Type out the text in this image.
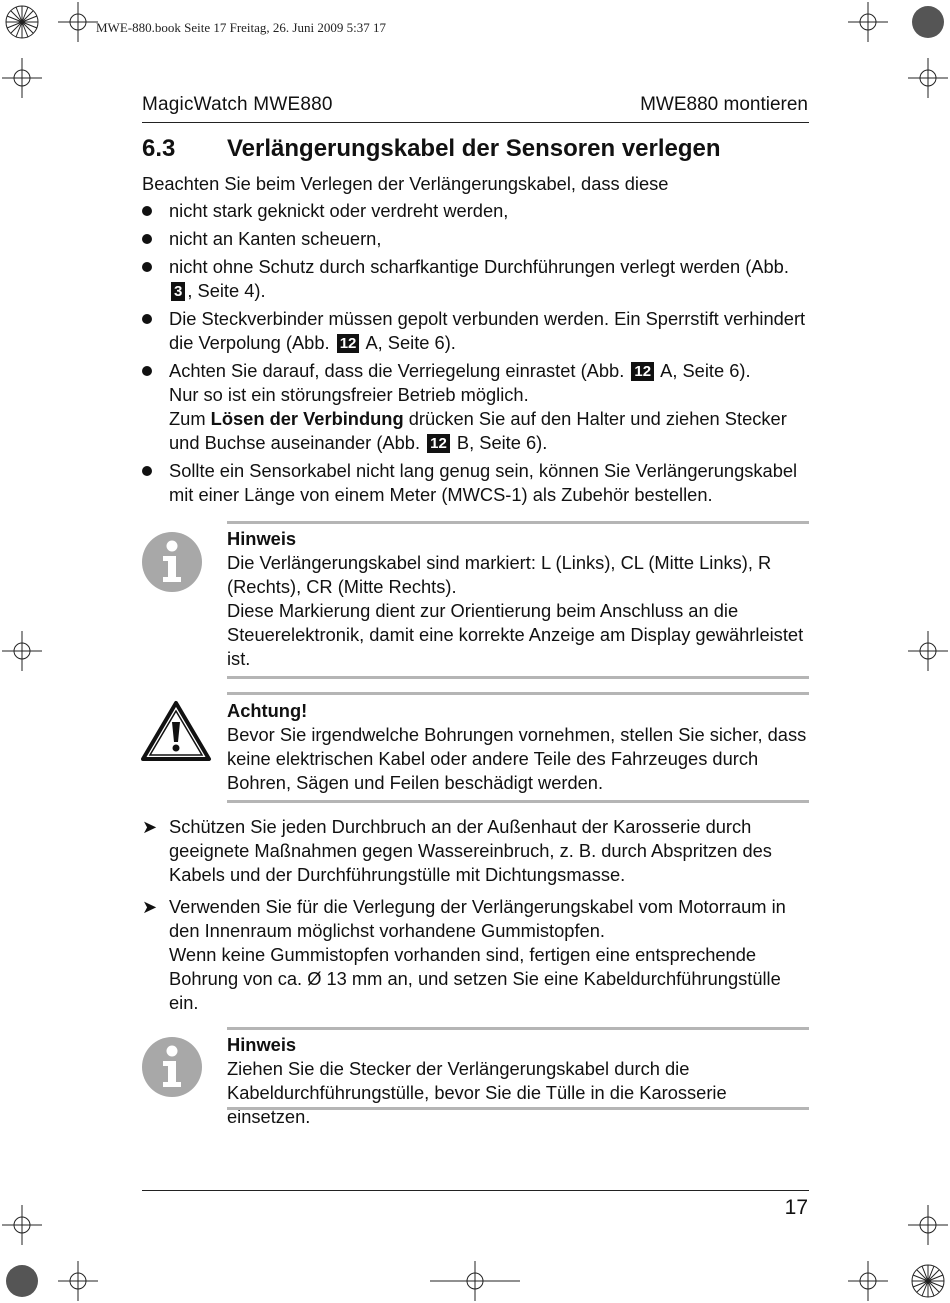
MWE-880.book Seite 17 Freitag, 26. Juni 2009 5:37 17
MagicWatch MWE880	MWE880 montieren
6.3 Verlängerungskabel der Sensoren verlegen
Beachten Sie beim Verlegen der Verlängerungskabel, dass diese

nicht stark geknickt oder verdreht werden,

nicht an Kanten scheuern,

nicht ohne Schutz durch scharfkantige Durchführungen verlegt werden (Abb. 3 , Seite 4).

Die Steckverbinder müssen gepolt verbunden werden. Ein Sperrstift verhindert die Verpolung (Abb. 12 A, Seite 6).

Achten Sie darauf, dass die Verriegelung einrastet (Abb. 12 A, Seite 6).

Nur so ist ein störungsfreier Betrieb möglich.

Zum Lösen der Verbindung drücken Sie auf den Halter und ziehen Stecker und Buchse auseinander (Abb. 12 B, Seite 6).

Sollte ein Sensorkabel nicht lang genug sein, können Sie Verlängerungskabel mit einer Länge von einem Meter (MWCS-1) als Zubehör bestellen.

Hinweis

Die Verlängerungskabel sind markiert: L (Links), CL (Mitte Links), R (Rechts), CR (Mitte Rechts).

Diese Markierung dient zur Orientierung beim Anschluss an die Steuerelektronik, damit eine korrekte Anzeige am Display gewährleistet ist.

Achtung!
Bevor Sie irgendwelche Bohrungen vornehmen, stellen Sie sicher, dass keine elektrischen Kabel oder andere Teile des Fahrzeuges durch Bohren, Sägen und Feilen beschädigt werden.
➤ Schützen Sie jeden Durchbruch an der Außenhaut der Karosserie durch geeignete Maßnahmen gegen Wassereinbruch, z. B. durch Abspritzen des Kabels und der Durchführungstülle mit Dichtungsmasse.

➤ Verwenden Sie für die Verlegung der Verlängerungskabel vom Motorraum in den Innenraum möglichst vorhandene Gummistopfen.

Wenn keine Gummistopfen vorhanden sind, fertigen eine entsprechende Bohrung von ca. Ø 13 mm an, und setzen Sie eine Kabeldurchführungstülle ein.

Hinweis
Ziehen Sie die Stecker der Verlängerungskabel durch die Kabeldurchführungstülle, bevor Sie die Tülle in die Karosserie einsetzen.
17
